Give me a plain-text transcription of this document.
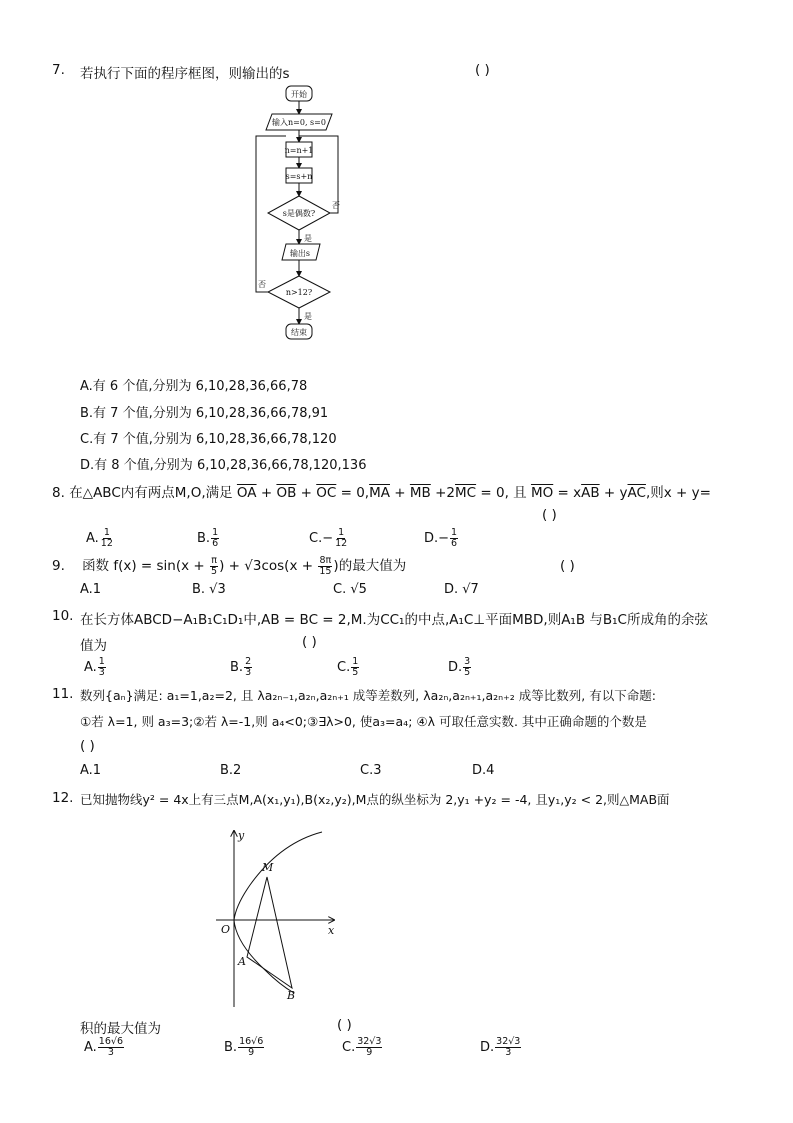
7. 若执行下面的程序框图，则输出的s	( )
开始
输入n=0, s=0
n=n+1
s=s+n
s是偶数?
否
是
输出s
n>12?
否
是
结束
A.有 6 个值,分别为 6,10,28,36,66,78
B.有 7 个值,分别为 6,10,28,36,66,78,91
C.有 7 个值,分别为 6,10,28,36,66,78,120
D.有 8 个值,分别为 6,10,28,36,66,78,120,136
8. 在△ABC内有两点M,O,满足 $\overline{OA} + \overline{OB} + \overline{OC} = 0,\overline{MA} + \overline{MB} +2\overline{MC} = 0$, 且 $\overline{MO} = x\overline{AB} + y\overline{AC}$,则x + y=
( )
A. $\frac{1}{12}$	B. $\frac{1}{6}$	$C.- \frac{1}{12}$	$D.- \frac{1}{6}$
9. 函数 $f(x) = \sin(x + \frac{\pi}{5}$ ) + $√3\cos(x + \frac{8\pi}{15}$ )的最大值为	( )
A.1	B. √3	C. √5	D. √7
10. 在长方体ABCD−A₁B₁C₁D₁中,AB = BC = 2,M.为CC₁的中点,A₁C⊥平面MBD,则A₁B 与B₁C所成角的余弦
值为	( )
A. $\frac{1}{3}$	B. $\frac{2}{3}$	C. $\frac{1}{5}$	D. $\frac{3}{5}$
11. 数列{aₙ}满足: a₁=1,a₂=2, 且 λa₂ₙ₋₁,a₂ₙ,a₂ₙ₊₁ 成等差数列, λa₂ₙ,a₂ₙ₊₁,a₂ₙ₊₂ 成等比数列, 有以下命题:
①若 λ=1, 则 a₃=3;②若 λ=-1,则 a₄<0;③∃λ>0, 使a₃=a₄; ④λ 可取任意实数. 其中正确命题的个数是
( )
A.1	B.2	C.3	D.4
12. 已知抛物线y² = 4x上有三点M,A(x₁,y₁),B(x₂,y₂),M点的纵坐标为 2,y₁ +y₂ = -4, 且y₁,y₂ < 2,则△MAB面
y
x
O
M
A
B
积的最大值为	( )
A. $\frac{16√6}{3}$	B. $\frac{16√6}{9}$	C. $\frac{32√3}{9}$	D. $\frac{32√3}{3}$
